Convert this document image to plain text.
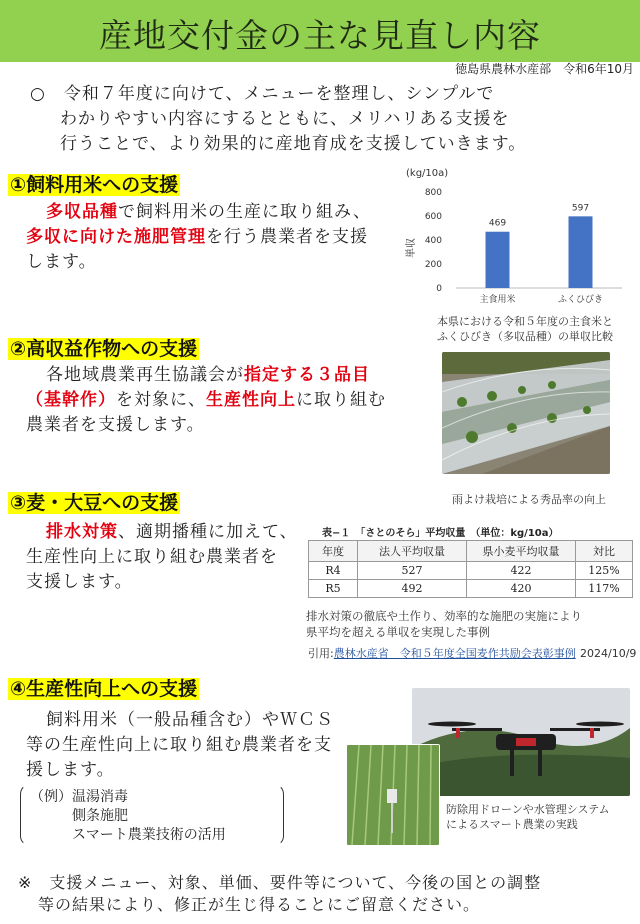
産地交付金の主な見直し内容
徳島県農林水産部　令和6年10月
○　令和７年度に向けて、メニューを整理し、シンプルで
わかりやすい内容にするとともに、メリハリある支援を
行うことで、より効果的に産地育成を支援していきます。
①飼料用米への支援
多収品種で飼料用米の生産に取り組み、
多収に向けた施肥管理を行う農業者を支援
します。
(kg/10a)
単収
800
600
400
200
0
469
主食用米
597
ふくひびき
本県における令和５年度の主食米と
ふくひびき（多収品種）の単収比較
②高収益作物への支援
各地域農業再生協議会が指定する３品目
（基幹作）を対象に、生産性向上に取り組む
農業者を支援します。
雨よけ栽培による秀品率の向上
③麦・大豆への支援
排水対策、適期播種に加えて、
生産性向上に取り組む農業者を
支援します。
表−１　「さとのそら」平均収量　（単位：kg/10a）
年度	法人平均収量	県小麦平均収量	対比
R4	527	422	125%
R5	492	420	117%
排水対策の徹底や土作り、効率的な施肥の実施により
県平均を超える単収を実現した事例
引用:農林水産省　令和５年度全国麦作共励会表彰事例 2024/10/9
④生産性向上への支援
飼料用米（一般品種含む）やＷＣＳ
等の生産性向上に取り組む農業者を支
援します。
（例）温湯消毒
側条施肥
スマート農業技術の活用
防除用ドローンや水管理システム
によるスマート農業の実践
※　支援メニュー、対象、単価、要件等について、今後の国との調整
等の結果により、修正が生じ得ることにご留意ください。
